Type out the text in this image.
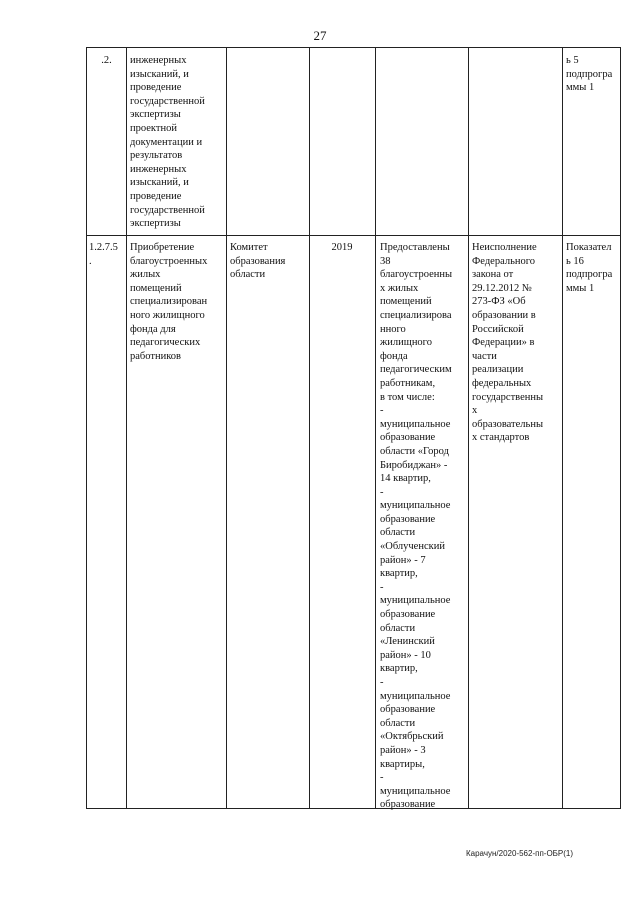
27
.2.	инженерных
изысканий, и
проведение
государственной
экспертизы
проектной
документации и
результатов
инженерных
изысканий, и
проведение
государственной
экспертизы
ь 5
подпрогра
ммы 1
1.2.7.5
.
Приобретение
благоустроенных
жилых
помещений
специализирован
ного жилищного
фонда для
педагогических
работников
Комитет
образования
области
2019	Предоставлены
38
благоустроенны
х жилых
помещений
специализирова
нного
жилищного
фонда
педагогическим
работникам,
в том числе:
-
муниципальное
образование
области «Город
Биробиджан» -
14 квартир,
-
муниципальное
образование
области
«Облученский
район» - 7
квартир,
-
муниципальное
образование
области
«Ленинский
район» - 10
квартир,
-
муниципальное
образование
области
«Октябрьский
район» - 3
квартиры,
-
муниципальное
образование
Неисполнение
Федерального
закона от
29.12.2012 №
273-ФЗ «Об
образовании в
Российской
Федерации» в
части
реализации
федеральных
государственны
х
образовательны
х стандартов
Показател
ь 16
подпрогра
ммы 1
Карачун/2020-562-пп-ОБР(1)
